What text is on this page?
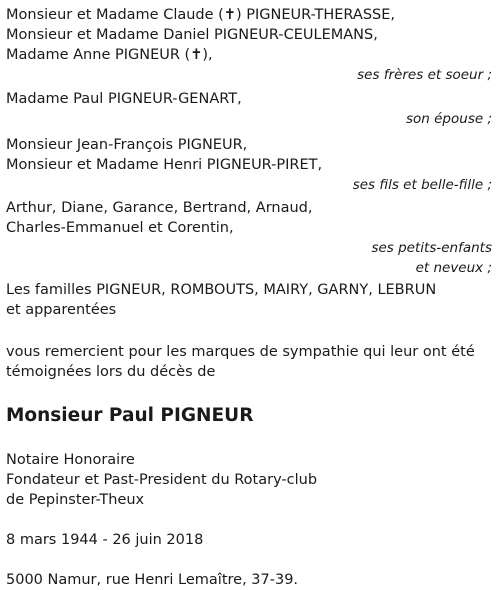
Monsieur et Madame Claude (✝) PIGNEUR-THERASSE,
Monsieur et Madame Daniel PIGNEUR-CEULEMANS,
Madame Anne PIGNEUR (✝),
ses frères et soeur ;
Madame Paul PIGNEUR-GENART,
son épouse ;
Monsieur Jean-François PIGNEUR,
Monsieur et Madame Henri PIGNEUR-PIRET,
ses fils et belle-fille ;
Arthur, Diane, Garance, Bertrand, Arnaud,
Charles-Emmanuel et Corentin,
ses petits-enfants
et neveux ;
Les familles PIGNEUR, ROMBOUTS, MAIRY, GARNY, LEBRUN
et apparentées
vous remercient pour les marques de sympathie qui leur ont été
témoignées lors du décès de
Monsieur Paul PIGNEUR
Notaire Honoraire
Fondateur et Past-President du Rotary-club
de Pepinster-Theux
8 mars 1944 - 26 juin 2018
5000 Namur, rue Henri Lemaître, 37-39.
